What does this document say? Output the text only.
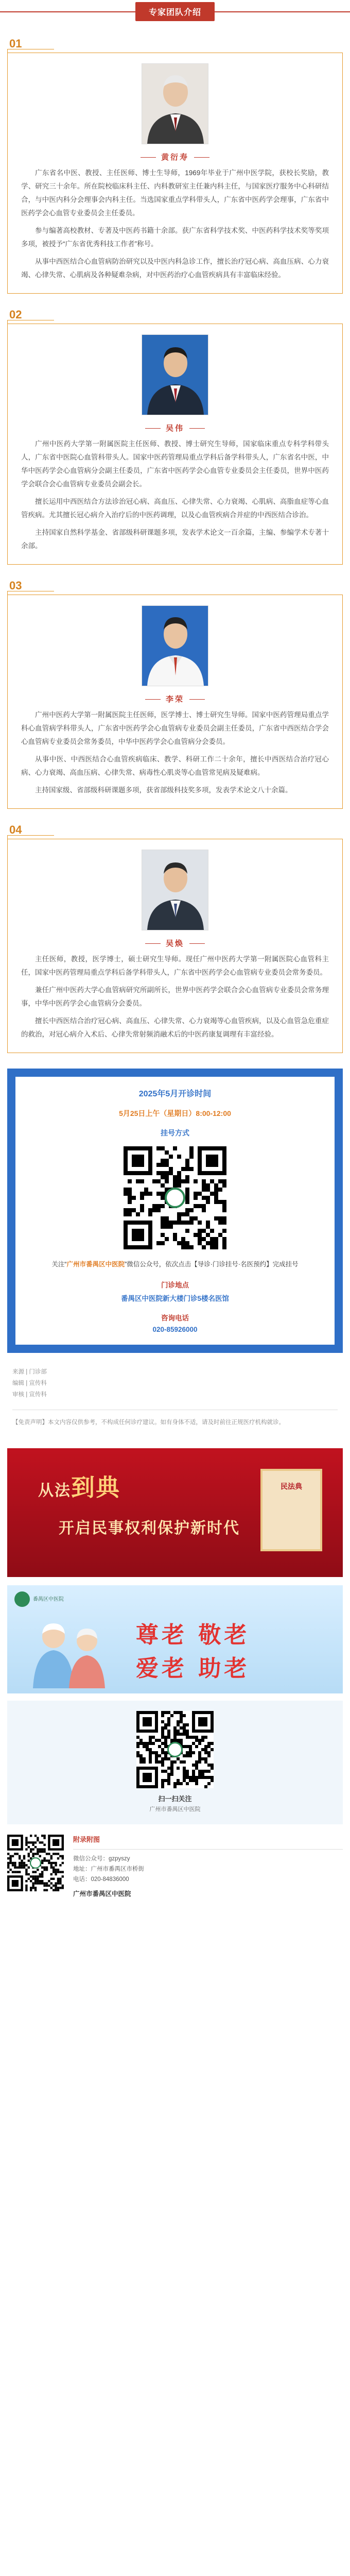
专家团队介绍
01
黄衍寿

广东省名中医、教授、主任医师、博士生导师，1969年毕业于广州中医学院，获校长奖励，教学、研究三十余年。所在院校临床科主任、内科教研室主任兼内科主任，与国家医疗服务中心科研结合，与中医内科分会理事会内科主任。当选国家重点学科带头人，广东省中医药学会理事，广东省中医药学会心血管专业委员会主任委员。

参与编著高校教材、专著及中医药书籍十余部。获广东省科学技术奖、中医药科学技术奖等奖项多项，被授予“广东省优秀科技工作者”称号。

从事中西医结合心血管病防治研究以及中医内科急诊工作，擅长治疗冠心病、高血压病、心力衰竭、心律失常、心肌病及各种疑难杂病，对中医药治疗心血管疾病具有丰富临床经验。

02
吴伟

广州中医药大学第一附属医院主任医师、教授、博士研究生导师，国家临床重点专科学科带头人，广东省中医院心血管科带头人。国家中医药管理局重点学科后备学科带头人，广东省名中医，中华中医药学会心血管病分会副主任委员，广东省中医药学会心血管专业委员会主任委员，世界中医药学会联合会心血管病专业委员会副会长。

擅长运用中西医结合方法诊治冠心病、高血压、心律失常、心力衰竭、心肌病、高脂血症等心血管疾病。尤其擅长冠心病介入治疗后的中医药调理，以及心血管疾病合并症的中西医结合诊治。

主持国家自然科学基金、省部级科研课题多项，发表学术论文一百余篇，主编、参编学术专著十余部。

03
李荣

广州中医药大学第一附属医院主任医师，医学博士、博士研究生导师。国家中医药管理局重点学科心血管病学科带头人，广东省中医药学会心血管病专业委员会副主任委员，广东省中西医结合学会心血管病专业委员会常务委员，中华中医药学会心血管病分会委员。

从事中医、中西医结合心血管疾病临床、教学、科研工作二十余年，擅长中西医结合治疗冠心病、心力衰竭、高血压病、心律失常、病毒性心肌炎等心血管常见病及疑难病。

主持国家级、省部级科研课题多项，获省部级科技奖多项，发表学术论文八十余篇。

04
吴焕

主任医师，教授，医学博士，硕士研究生导师。现任广州中医药大学第一附属医院心血管科主任，国家中医药管理局重点学科后备学科带头人，广东省中医药学会心血管病专业委员会常务委员。

兼任广州中医药大学心血管病研究所副所长，世界中医药学会联合会心血管病专业委员会常务理事，中华中医药学会心血管病分会委员。

擅长中西医结合治疗冠心病、高血压、心律失常、心力衰竭等心血管疾病，以及心血管急危重症的救治，对冠心病介入术后、心律失常射频消融术后的中医药康复调理有丰富经验。

2025年5月开诊时间
5月25日上午（星期日）8:00-12:00
挂号方式
关注“广州市番禺区中医院”微信公众号，依次点击【导诊·门诊挂号·名医预约】完成挂号
门诊地点
番禺区中医院新大楼门诊5楼名医馆
咨询电话
020-85926000
来源 | 门诊部
编辑 | 宣传科
审核 | 宣传科
【免责声明】本文内容仅供参考，不构成任何诊疗建议。如有身体不适，请及时前往正规医疗机构就诊。
从法到典
开启民事权利保护新时代
民法典
番禺区中医院
尊老 敬老
爱老 助老
扫一扫关注
广州市番禺区中医院
附录附图
微信公众号：gzpyszy
地址：广州市番禺区市桥街
电话：020-84836000
广州市番禺区中医院
